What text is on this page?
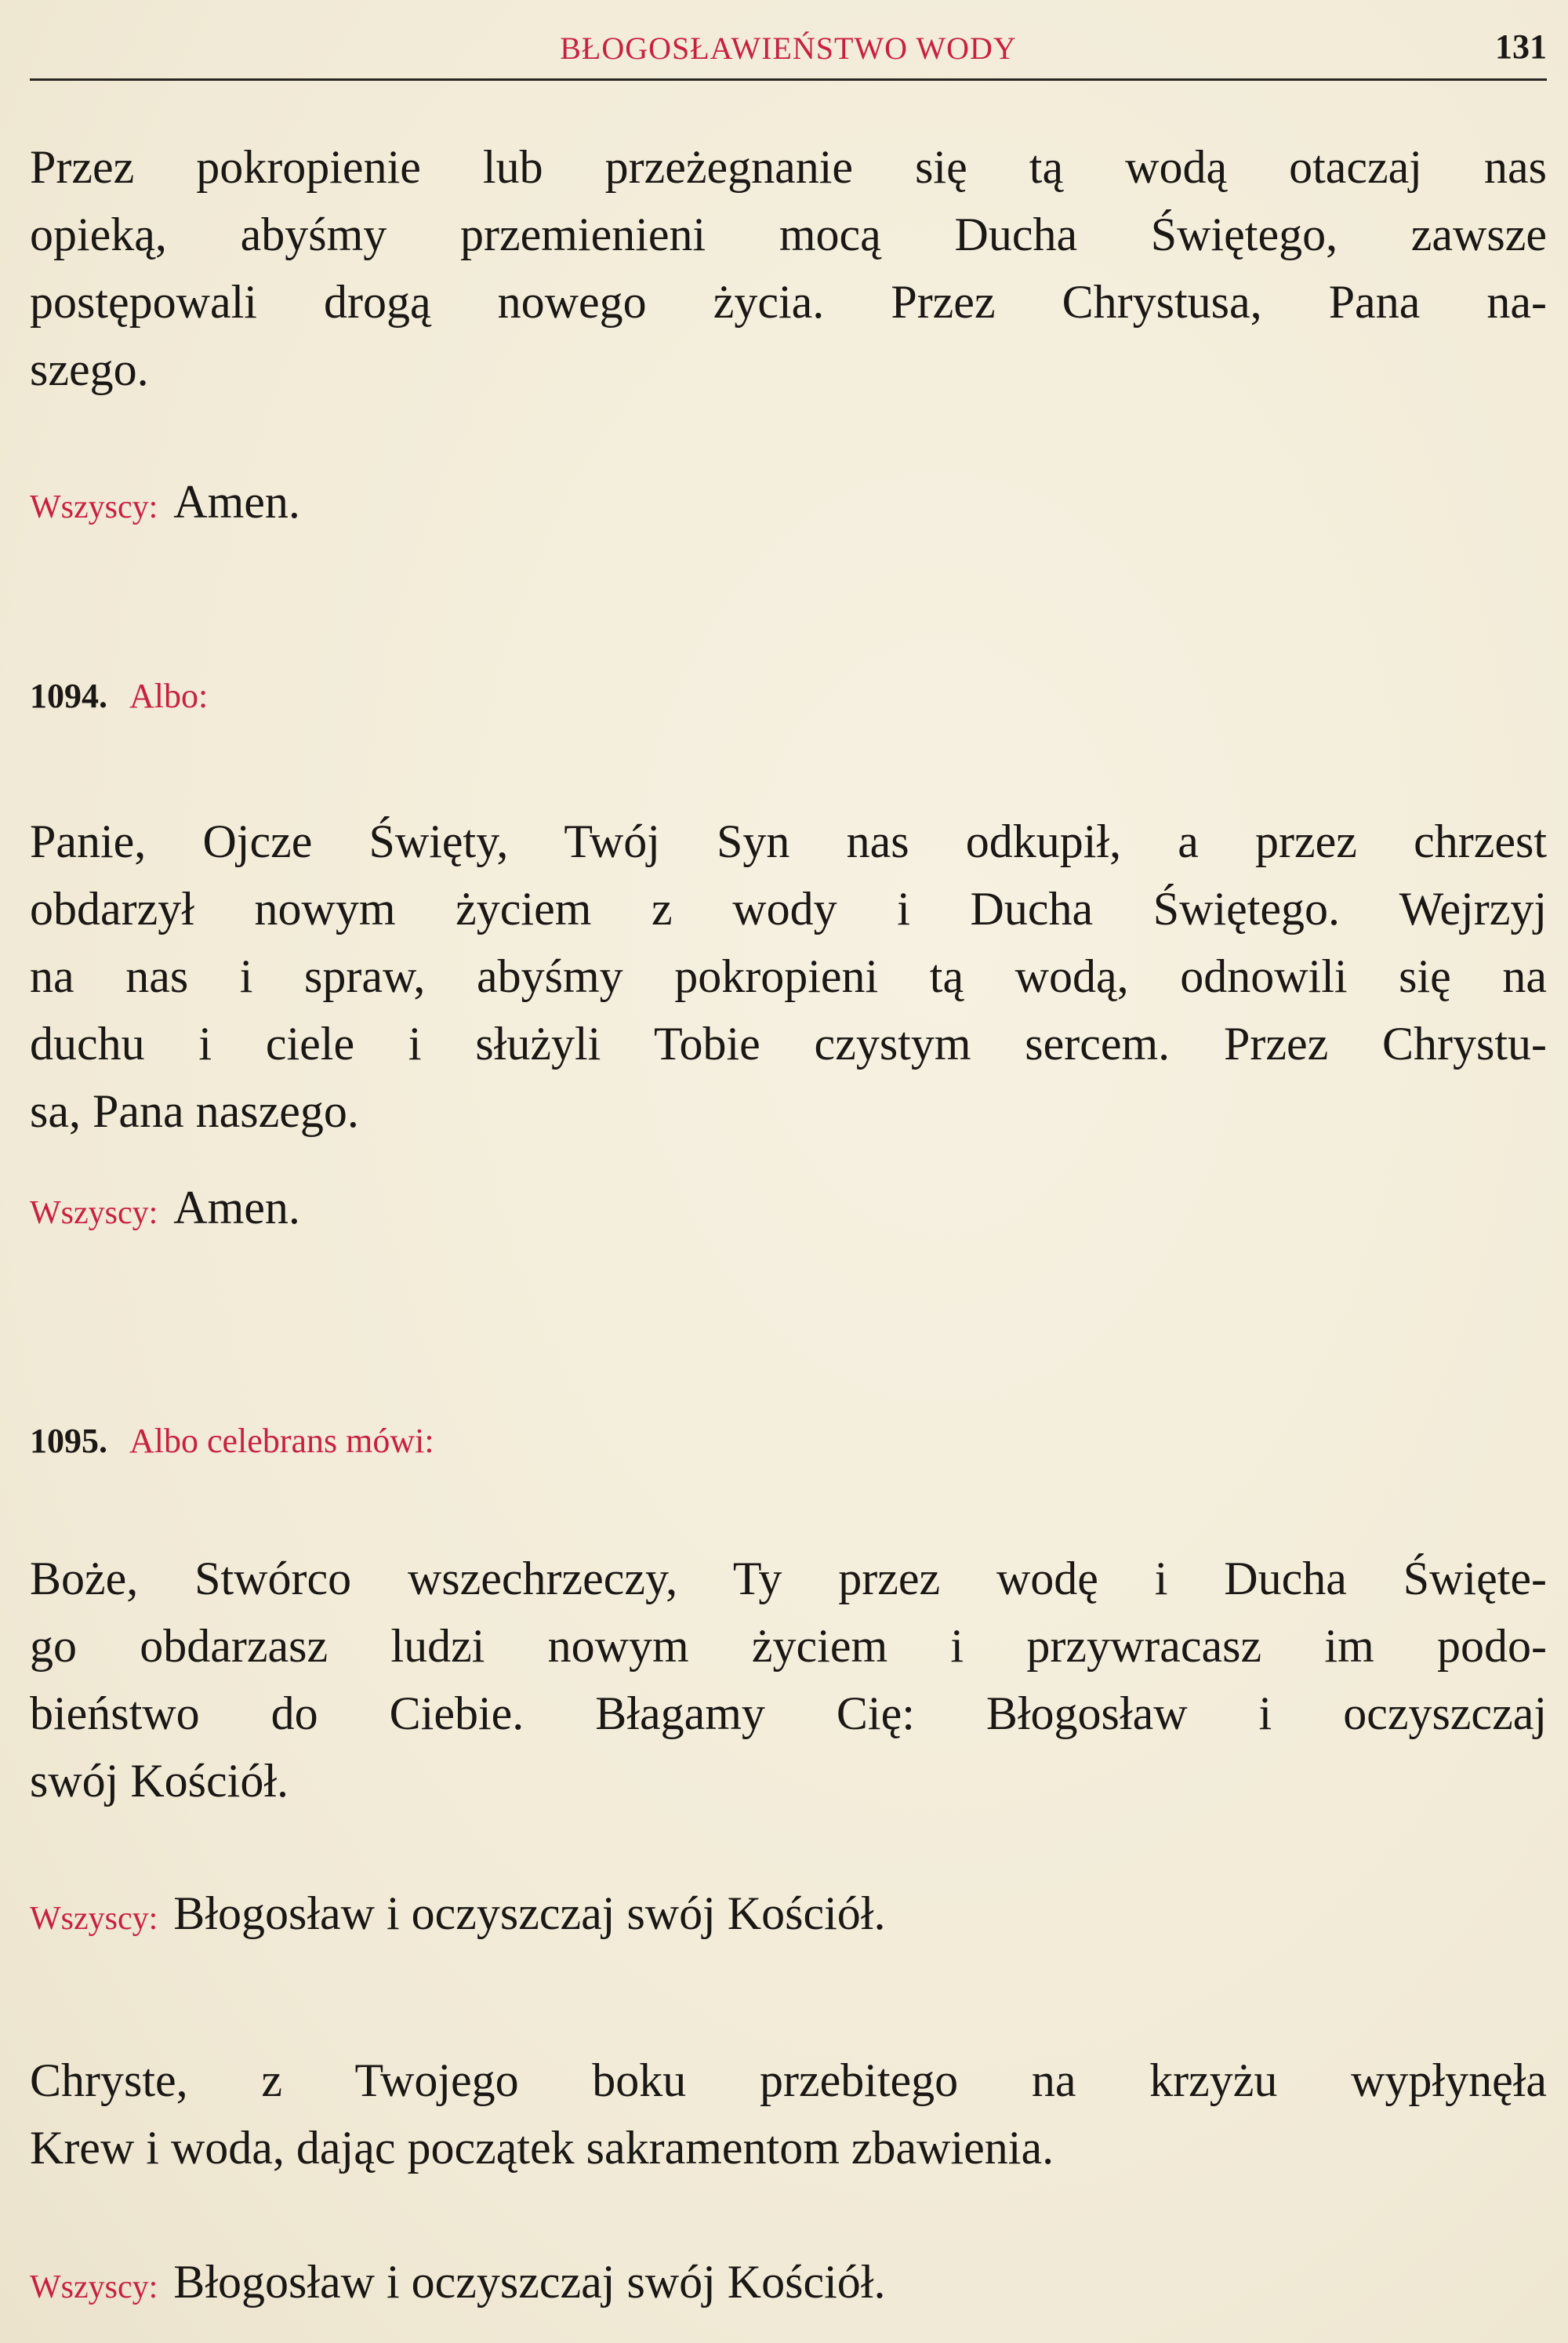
BŁOGOSŁAWIEŃSTWO WODY	131
Przez pokropienie lub przeżegnanie się tą wodą otaczaj nas
opieką, abyśmy przemienieni mocą Ducha Świętego, zawsze
postępowali drogą nowego życia. Przez Chrystusa, Pana na-
szego.
Wszyscy: Amen.
1094. Albo:
Panie, Ojcze Święty, Twój Syn nas odkupił, a przez chrzest
obdarzył nowym życiem z wody i Ducha Świętego. Wejrzyj
na nas i spraw, abyśmy pokropieni tą wodą, odnowili się na
duchu i ciele i służyli Tobie czystym sercem. Przez Chrystu-
sa, Pana naszego.
Wszyscy: Amen.
1095. Albo celebrans mówi:
Boże, Stwórco wszechrzeczy, Ty przez wodę i Ducha Święte-
go obdarzasz ludzi nowym życiem i przywracasz im podo-
bieństwo do Ciebie. Błagamy Cię: Błogosław i oczyszczaj
swój Kościół.
Wszyscy: Błogosław i oczyszczaj swój Kościół.
Chryste, z Twojego boku przebitego na krzyżu wypłynęła
Krew i woda, dając początek sakramentom zbawienia.
Wszyscy: Błogosław i oczyszczaj swój Kościół.
